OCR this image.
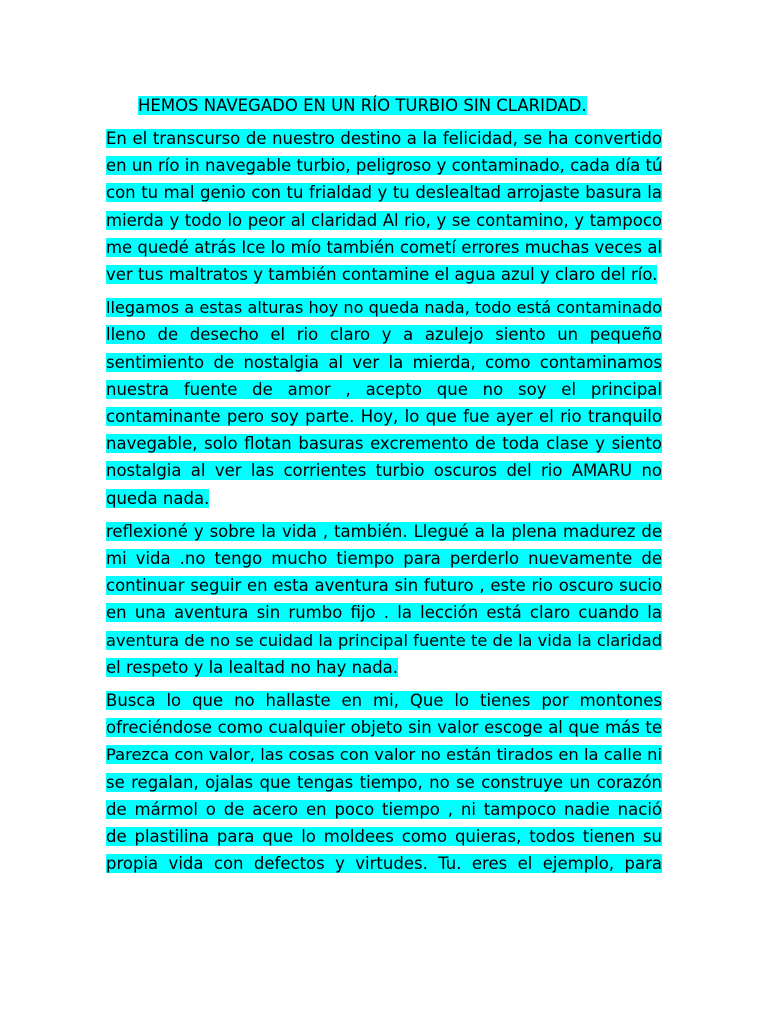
HEMOS NAVEGADO EN UN RÍO TURBIO SIN CLARIDAD.

En el transcurso de nuestro destino a la felicidad, se ha convertido
en un río in navegable turbio, peligroso y contaminado, cada día tú
con tu mal genio con tu frialdad y tu deslealtad arrojaste basura la
mierda y todo lo peor al claridad Al rio, y se contamino, y tampoco
me quedé atrás Ice lo mío también cometí errores muchas veces al
ver tus maltratos y también contamine el agua azul y claro del río.
llegamos a estas alturas hoy no queda nada, todo está contaminado
lleno de desecho el rio claro y a azulejo siento un pequeño
sentimiento de nostalgia al ver la mierda, como contaminamos
nuestra fuente de amor , acepto que no soy el principal
contaminante pero soy parte. Hoy, lo que fue ayer el rio tranquilo
navegable, solo flotan basuras excremento de toda clase y siento
nostalgia al ver las corrientes turbio oscuros del rio AMARU no
queda nada.
reflexioné y sobre la vida , también. Llegué a la plena madurez de
mi vida .no tengo mucho tiempo para perderlo nuevamente de
continuar seguir en esta aventura sin futuro , este rio oscuro sucio
en una aventura sin rumbo fijo . la lección está claro cuando la
aventura de no se cuidad la principal fuente te de la vida la claridad
el respeto y la lealtad no hay nada.
Busca lo que no hallaste en mi, Que lo tienes por montones
ofreciéndose como cualquier objeto sin valor escoge al que más te
Parezca con valor, las cosas con valor no están tirados en la calle ni
se regalan, ojalas que tengas tiempo, no se construye un corazón
de mármol o de acero en poco tiempo , ni tampoco nadie nació
de plastilina para que lo moldees como quieras, todos tienen su
propia vida con defectos y virtudes. Tu. eres el ejemplo, para
